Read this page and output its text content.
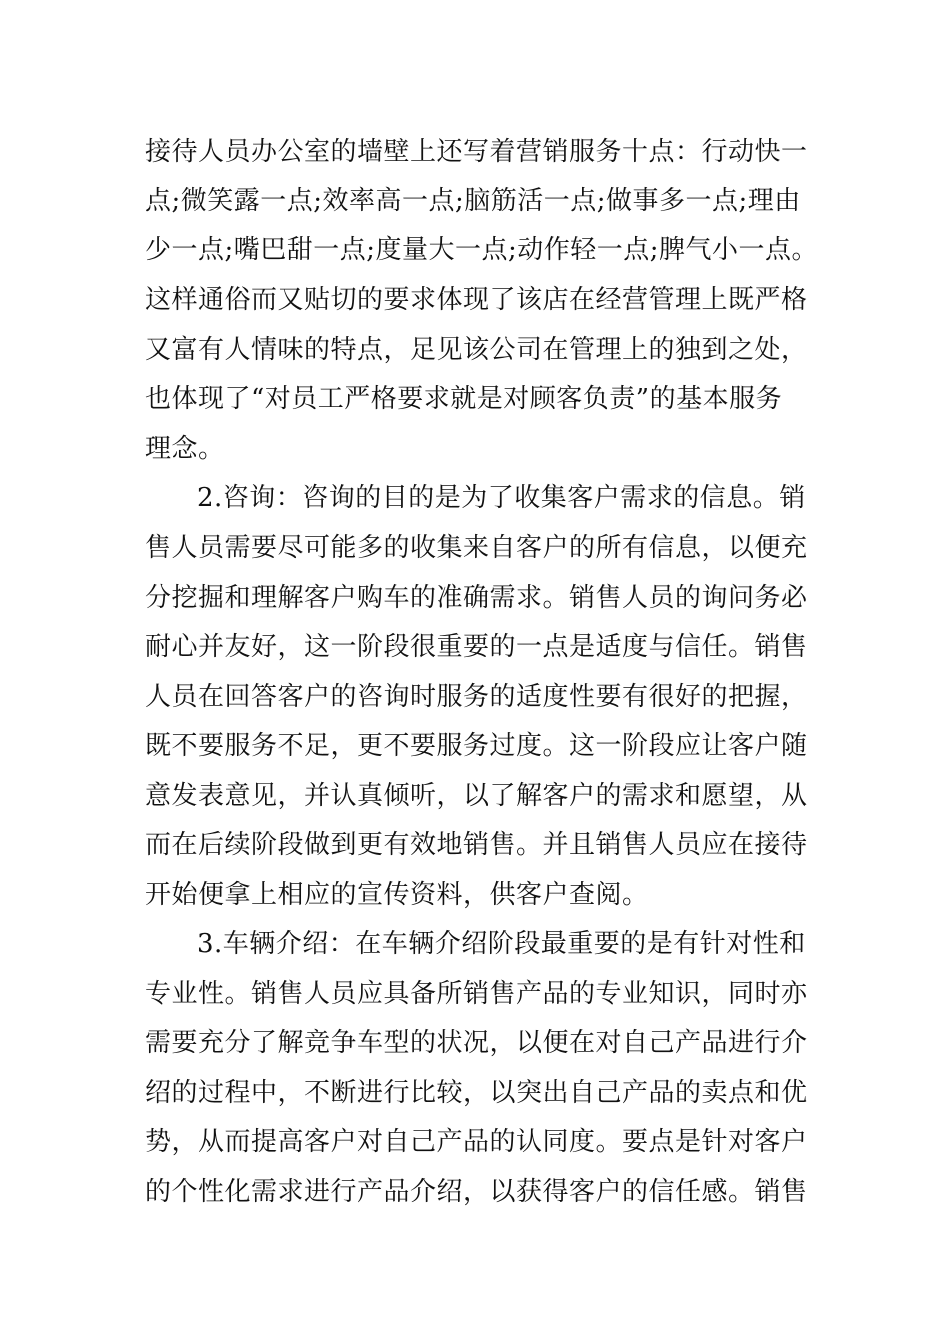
接待人员办公室的墙壁上还写着营销服务十点：行动快一
点;微笑露一点;效率高一点;脑筋活一点;做事多一点;理由
少一点;嘴巴甜一点;度量大一点;动作轻一点;脾气小一点。
这样通俗而又贴切的要求体现了该店在经营管理上既严格
又富有人情味的特点，足见该公司在管理上的独到之处，
也体现了“对员工严格要求就是对顾客负责”的基本服务
理念。
2.咨询：咨询的目的是为了收集客户需求的信息。销
售人员需要尽可能多的收集来自客户的所有信息，以便充
分挖掘和理解客户购车的准确需求。销售人员的询问务必
耐心并友好，这一阶段很重要的一点是适度与信任。销售
人员在回答客户的咨询时服务的适度性要有很好的把握，
既不要服务不足，更不要服务过度。这一阶段应让客户随
意发表意见，并认真倾听，以了解客户的需求和愿望，从
而在后续阶段做到更有效地销售。并且销售人员应在接待
开始便拿上相应的宣传资料，供客户查阅。
3.车辆介绍：在车辆介绍阶段最重要的是有针对性和
专业性。销售人员应具备所销售产品的专业知识，同时亦
需要充分了解竞争车型的状况，以便在对自己产品进行介
绍的过程中，不断进行比较，以突出自己产品的卖点和优
势，从而提高客户对自己产品的认同度。要点是针对客户
的个性化需求进行产品介绍，以获得客户的信任感。销售
